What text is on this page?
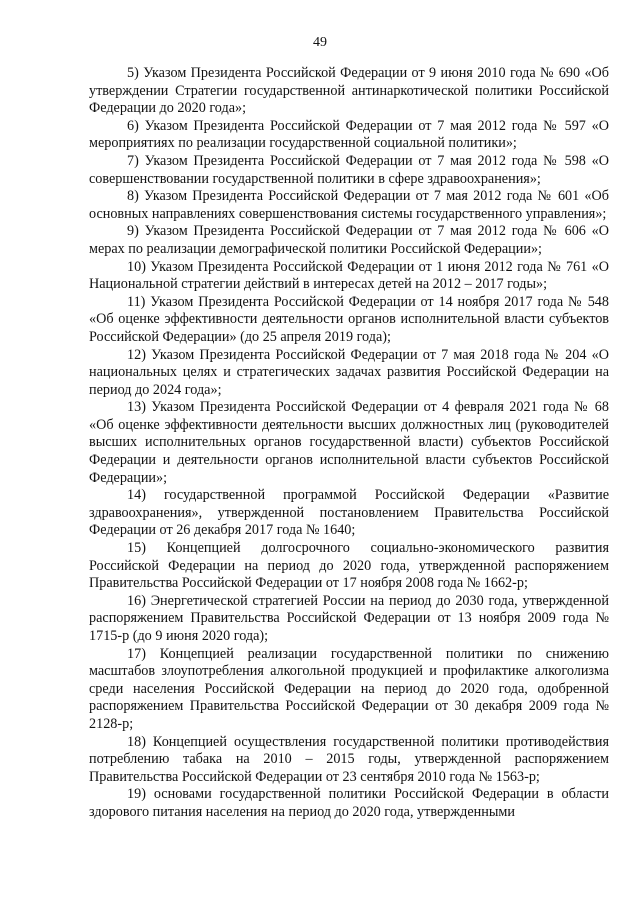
49

5) Указом Президента Российской Федерации от 9 июня 2010 года № 690 «Об утверждении Стратегии государственной антинаркотической политики Российской Федерации до 2020 года»;

6) Указом Президента Российской Федерации от 7 мая 2012 года № 597 «О мероприятиях по реализации государственной социальной политики»;

7) Указом Президента Российской Федерации от 7 мая 2012 года № 598 «О совершенствовании государственной политики в сфере здравоохранения»;

8) Указом Президента Российской Федерации от 7 мая 2012 года № 601 «Об основных направлениях совершенствования системы государственного управления»;

9) Указом Президента Российской Федерации от 7 мая 2012 года № 606 «О мерах по реализации демографической политики Российской Федерации»;

10) Указом Президента Российской Федерации от 1 июня 2012 года № 761 «О Национальной стратегии действий в интересах детей на 2012 – 2017 годы»;

11) Указом Президента Российской Федерации от 14 ноября 2017 года № 548 «Об оценке эффективности деятельности органов исполнительной власти субъектов Российской Федерации» (до 25 апреля 2019 года);

12) Указом Президента Российской Федерации от 7 мая 2018 года № 204 «О национальных целях и стратегических задачах развития Российской Федерации на период до 2024 года»;

13) Указом Президента Российской Федерации от 4 февраля 2021 года № 68 «Об оценке эффективности деятельности высших должностных лиц (руководителей высших исполнительных органов государственной власти) субъектов Российской Федерации и деятельности органов исполнительной власти субъектов Российской Федерации»;

14) государственной программой Российской Федерации «Развитие здравоохранения», утвержденной постановлением Правительства Российской Федерации от 26 декабря 2017 года № 1640;

15) Концепцией долгосрочного социально-экономического развития Российской Федерации на период до 2020 года, утвержденной распоряжением Правительства Российской Федерации от 17 ноября 2008 года № 1662-р;

16) Энергетической стратегией России на период до 2030 года, утвержденной распоряжением Правительства Российской Федерации от 13 ноября 2009 года № 1715-р (до 9 июня 2020 года);

17) Концепцией реализации государственной политики по снижению масштабов злоупотребления алкогольной продукцией и профилактике алкоголизма среди населения Российской Федерации на период до 2020 года, одобренной распоряжением Правительства Российской Федерации от 30 декабря 2009 года № 2128-р;

18) Концепцией осуществления государственной политики противодействия потреблению табака на 2010 – 2015 годы, утвержденной распоряжением Правительства Российской Федерации от 23 сентября 2010 года № 1563-р;

19) основами государственной политики Российской Федерации в области здорового питания населения на период до 2020 года, утвержденными
